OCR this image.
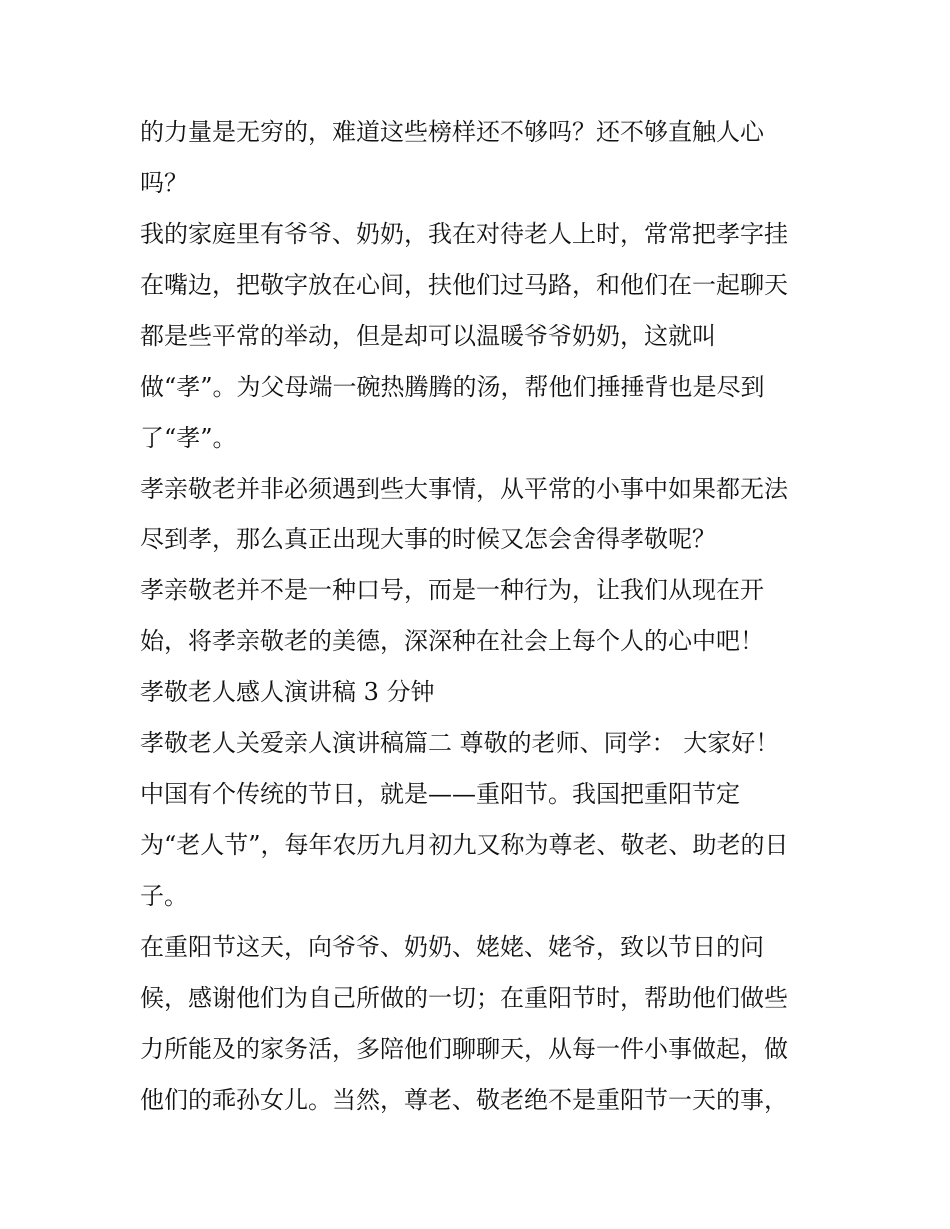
的力量是无穷的，难道这些榜样还不够吗？还不够直触人心
吗？
我的家庭里有爷爷、奶奶，我在对待老人上时，常常把孝字挂
在嘴边，把敬字放在心间，扶他们过马路，和他们在一起聊天
都是些平常的举动，但是却可以温暖爷爷奶奶，这就叫
做“孝”。为父母端一碗热腾腾的汤，帮他们捶捶背也是尽到
了“孝”。
孝亲敬老并非必须遇到些大事情，从平常的小事中如果都无法
尽到孝，那么真正出现大事的时候又怎会舍得孝敬呢？
孝亲敬老并不是一种口号，而是一种行为，让我们从现在开
始，将孝亲敬老的美德，深深种在社会上每个人的心中吧！
孝敬老人感人演讲稿 3 分钟
孝敬老人关爱亲人演讲稿篇二 尊敬的老师、同学： 大家好！
中国有个传统的节日，就是——重阳节。我国把重阳节定
为“老人节”，每年农历九月初九又称为尊老、敬老、助老的日
子。
在重阳节这天，向爷爷、奶奶、姥姥、姥爷，致以节日的问
候，感谢他们为自己所做的一切；在重阳节时，帮助他们做些
力所能及的家务活，多陪他们聊聊天，从每一件小事做起，做
他们的乖孙女儿。当然，尊老、敬老绝不是重阳节一天的事，
